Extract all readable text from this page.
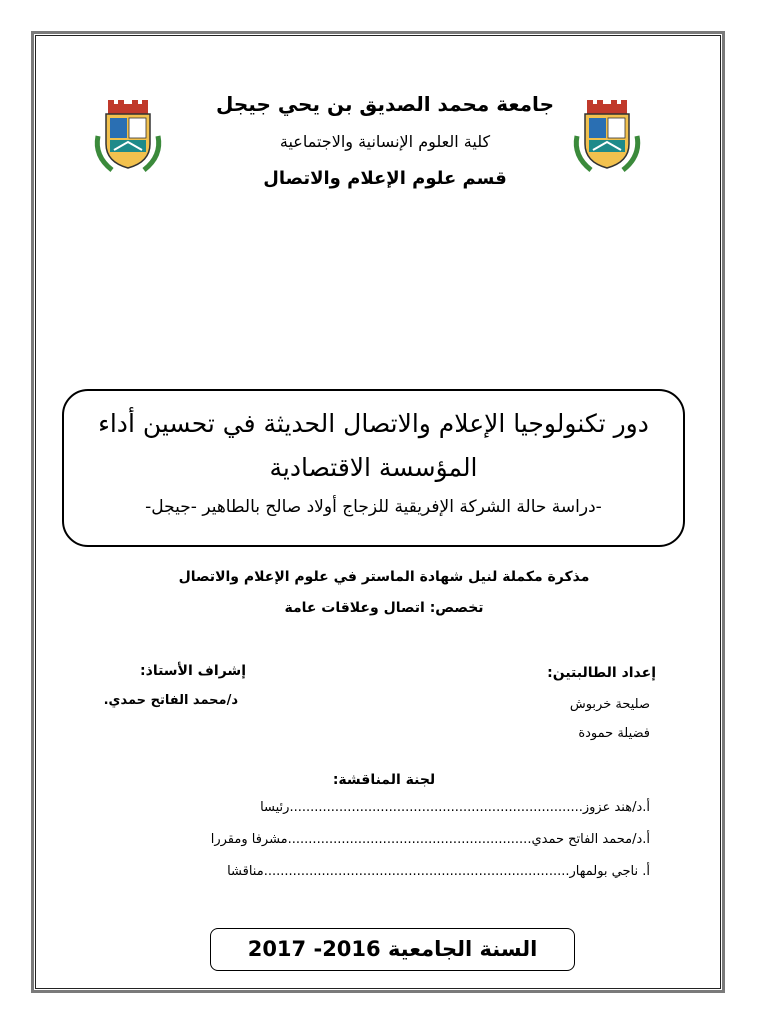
جامعة محمد الصديق بن يحي جيجل
كلية العلوم الإنسانية والاجتماعية
قسم علوم الإعلام والاتصال
دور تكنولوجيا الإعلام والاتصال الحديثة في تحسين أداء
المؤسسة الاقتصادية
-دراسة حالة الشركة الإفريقية للزجاج أولاد صالح بالطاهير -جيجل-
مذكرة مكملة لنيل شهادة الماستر في علوم الإعلام والاتصال
تخصص: اتصال وعلاقات عامة
إعداد الطالبتين:
صليحة خربوش
فضيلة حمودة
إشراف الأستاذ:
د/محمد الفاتح حمدي.
لجنة المناقشة:
أ.د/هند عزوز.......................................................................رئيسا
أ.د/محمد الفاتح حمدي...........................................................مشرفا ومقررا
أ. ناجي بولمهار..........................................................................مناقشا
السنة الجامعية 2016- 2017
